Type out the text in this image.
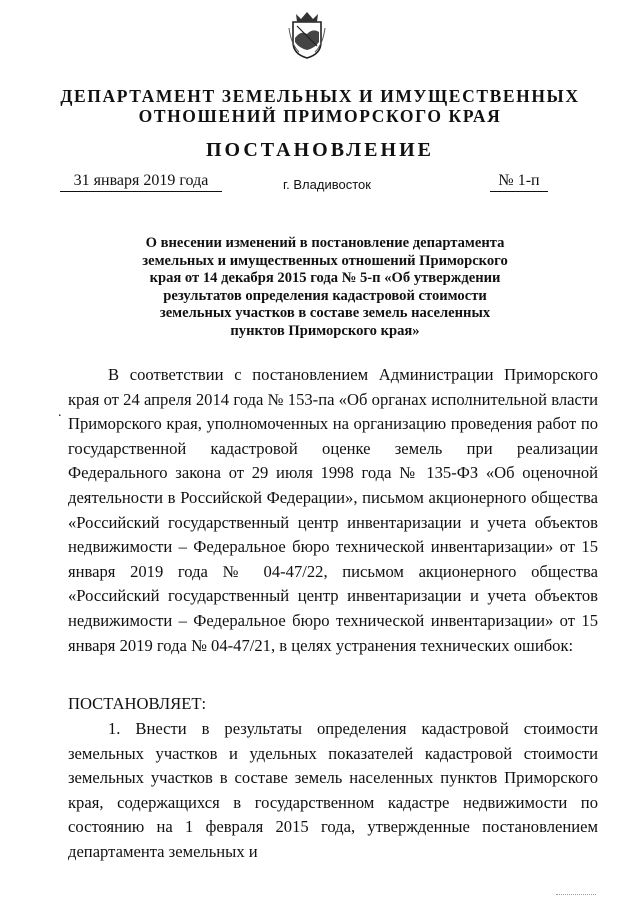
ДЕПАРТАМЕНТ ЗЕМЕЛЬНЫХ И ИМУЩЕСТВЕННЫХ
ОТНОШЕНИЙ ПРИМОРСКОГО КРАЯ
ПОСТАНОВЛЕНИЕ
31 января 2019 года	г. Владивосток	№ 1-п
О внесении изменений в постановление департамента
земельных и имущественных отношений Приморского
края от 14 декабря 2015 года № 5-п «Об утверждении
результатов определения кадастровой стоимости
земельных участков в составе земель населенных
пунктов Приморского края»
.
В соответствии с постановлением Администрации Приморского края от 24 апреля 2014 года № 153-па «Об органах исполнительной власти Приморского края, уполномоченных на организацию проведения работ по государственной кадастровой оценке земель при реализации Федерального закона от 29 июля 1998 года № 135-ФЗ «Об оценочной деятельности в Российской Федерации», письмом акционерного общества «Российский государственный центр инвентаризации и учета объектов недвижимости – Федеральное бюро технической инвентаризации» от 15 января 2019 года № 04-47/22, письмом акционерного общества «Российский государственный центр инвентаризации и учета объектов недвижимости – Федеральное бюро технической инвентаризации» от 15 января 2019 года № 04-47/21, в целях устранения технических ошибок:
ПОСТАНОВЛЯЕТ:
1. Внести в результаты определения кадастровой стоимости земельных участков и удельных показателей кадастровой стоимости земельных участков в составе земель населенных пунктов Приморского края, содержащихся в государственном кадастре недвижимости по состоянию на 1 февраля 2015 года, утвержденные постановлением департамента земельных и
